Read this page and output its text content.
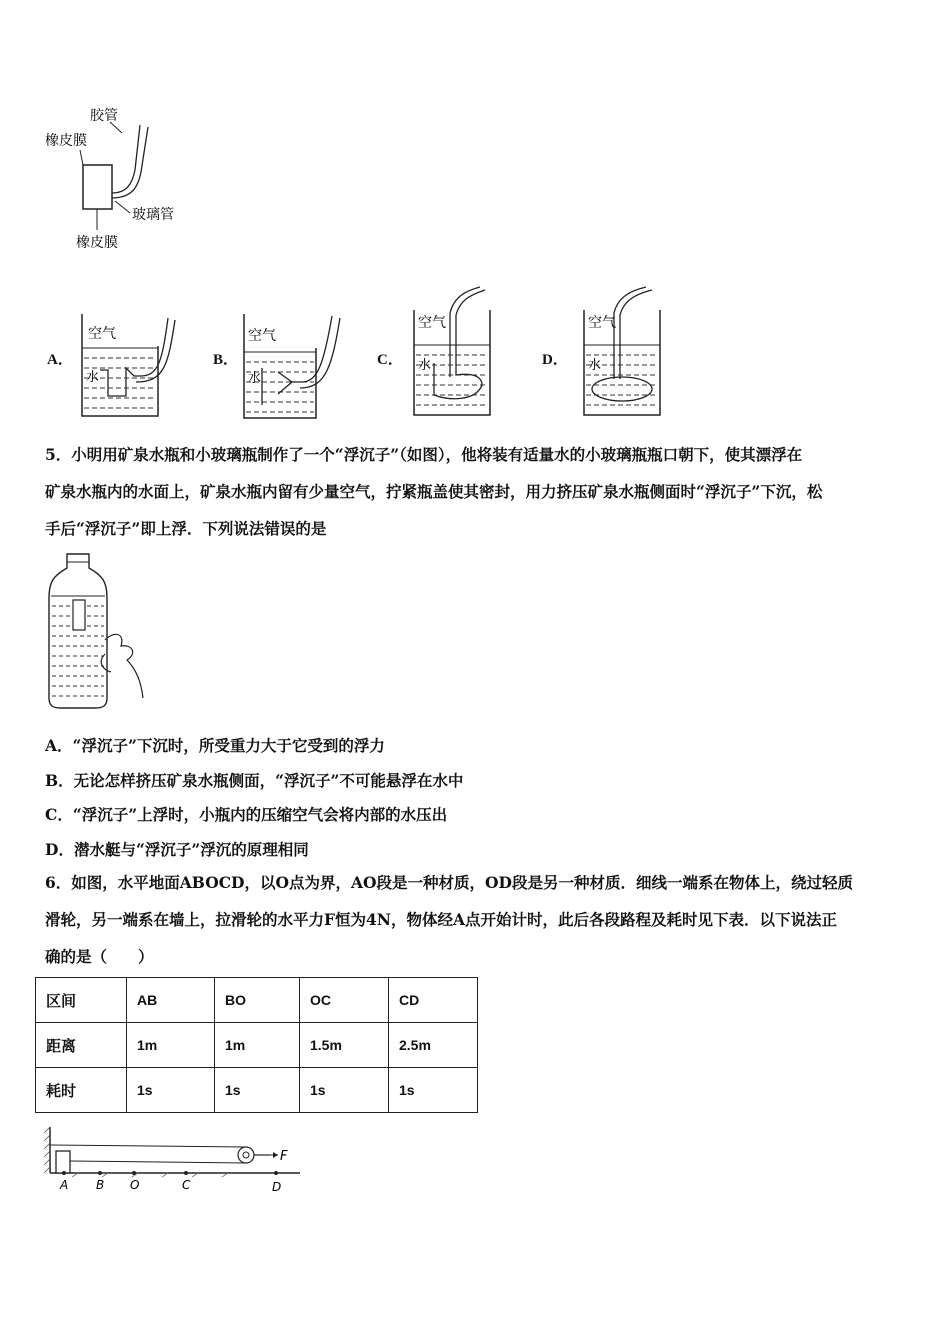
胶管
橡皮膜
玻璃管
橡皮膜
A．
空气
水
B．
空气
水
C．
空气
水	D．
空气
水
5．小明用矿泉水瓶和小玻璃瓶制作了一个“浮沉子”（如图），他将装有适量水的小玻璃瓶瓶口朝下，使其漂浮在
矿泉水瓶内的水面上，矿泉水瓶内留有少量空气，拧紧瓶盖使其密封，用力挤压矿泉水瓶侧面时“浮沉子”下沉，松
手后“浮沉子”即上浮．下列说法错误的是
A．“浮沉子”下沉时，所受重力大于它受到的浮力
B．无论怎样挤压矿泉水瓶侧面，“浮沉子”不可能悬浮在水中
C．“浮沉子”上浮时，小瓶内的压缩空气会将内部的水压出
D．潜水艇与“浮沉子”浮沉的原理相同
6．如图，水平地面ABOCD，以O点为界，AO段是一种材质，OD段是另一种材质．细线一端系在物体上，绕过轻质
滑轮，另一端系在墙上，拉滑轮的水平力F恒为4N，物体经A点开始计时，此后各段路程及耗时见下表．以下说法正
确的是（　　）
区间	AB	BO	OC	CD
距离	1m	1m	1.5m	2.5m
耗时	1s	1s	1s	1s
F
A B O	C	D
